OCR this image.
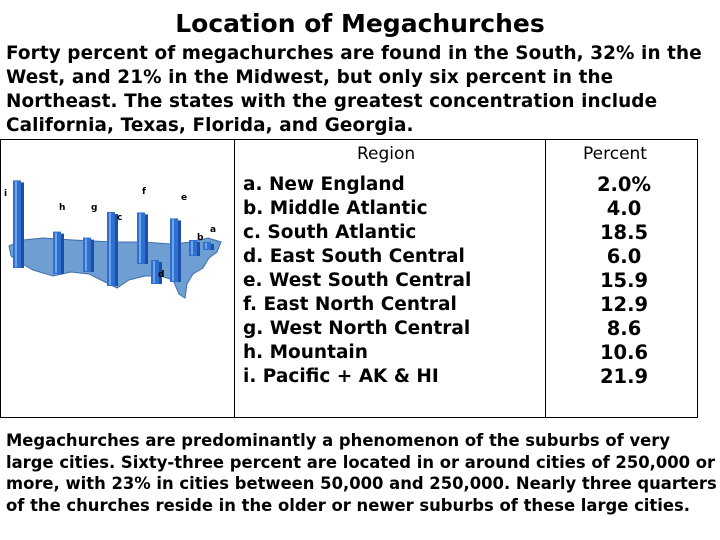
Location of Megachurches
Forty percent of megachurches are found in the South, 32% in the West, and 21% in the Midwest, but only six percent in the Northeast. The states with the greatest concentration include California, Texas, Florida, and Georgia.
Region	Percent
i
h	g
e
f
d
c
b
a
a. New England
b. Middle Atlantic
c. South Atlantic
d. East South Central
e. West South Central
f. East North Central
g. West North Central
h. Mountain
i. Pacific + AK & HI
2.0%
4.0
18.5
6.0
15.9
12.9
8.6
10.6
21.9
Megachurches are predominantly a phenomenon of the suburbs of very large cities. Sixty-three percent are located in or around cities of 250,000 or more, with 23% in cities between 50,000 and 250,000. Nearly three quarters of the churches reside in the older or newer suburbs of these large cities.
